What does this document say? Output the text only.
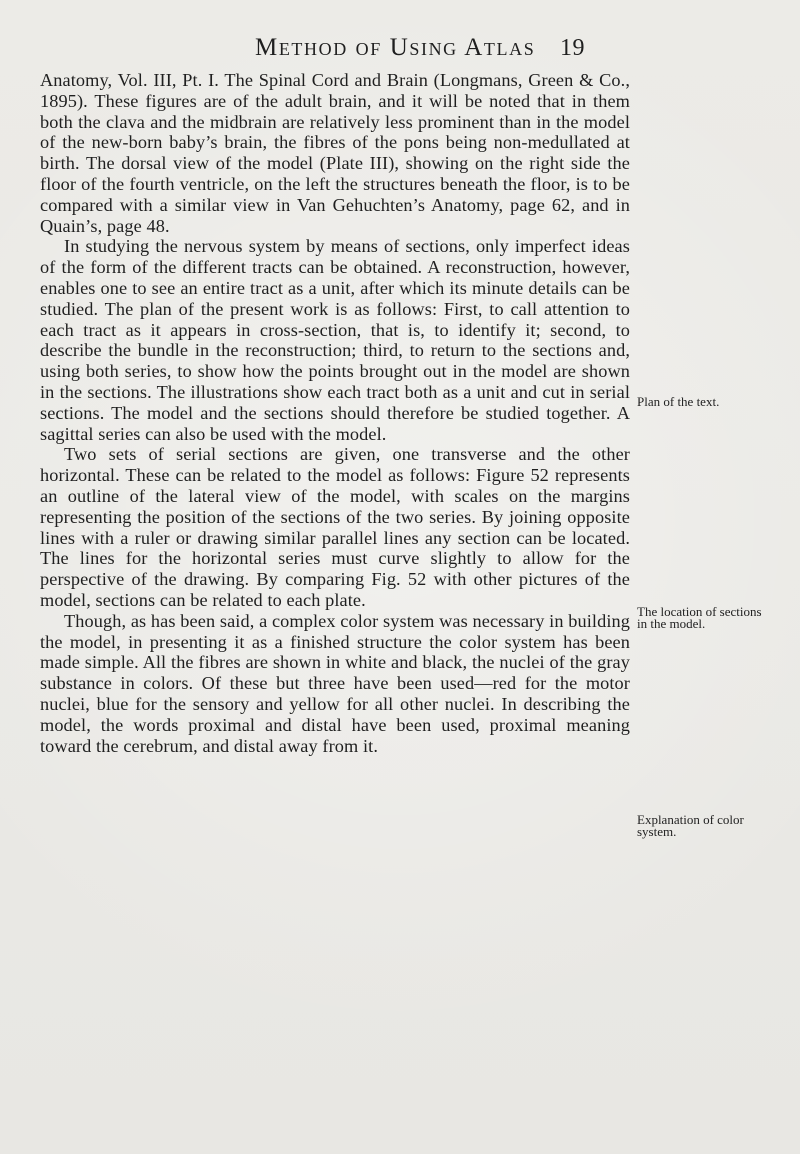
Method of Using Atlas 19

Anatomy, Vol. III, Pt. I. The Spinal Cord and Brain (Longmans, Green & Co., 1895). These figures are of the adult brain, and it will be noted that in them both the clava and the midbrain are relatively less prominent than in the model of the new-born baby’s brain, the fibres of the pons being non-medullated at birth. The dorsal view of the model (Plate III), showing on the right side the floor of the fourth ventricle, on the left the structures beneath the floor, is to be compared with a similar view in Van Gehuchten’s Anatomy, page 62, and in Quain’s, page 48.

In studying the nervous system by means of sections, only imperfect ideas of the form of the different tracts can be obtained. A reconstruction, however, enables one to see an entire tract as a unit, after which its minute details can be studied. The plan of the present work is as follows: First, to call attention to each tract as it appears in cross-section, that is, to identify it; second, to describe the bundle in the reconstruction; third, to return to the sections and, using both series, to show how the points brought out in the model are shown in the sections. The illustrations show each tract both as a unit and cut in serial sections. The model and the sections should therefore be studied together. A sagittal series can also be used with the model.

Two sets of serial sections are given, one transverse and the other horizontal. These can be related to the model as follows: Figure 52 represents an outline of the lateral view of the model, with scales on the margins representing the position of the sections of the two series. By joining opposite lines with a ruler or drawing similar parallel lines any section can be located. The lines for the horizontal series must curve slightly to allow for the perspective of the drawing. By comparing Fig. 52 with other pictures of the model, sections can be related to each plate.

Though, as has been said, a complex color system was necessary in building the model, in presenting it as a finished structure the color system has been made simple. All the fibres are shown in white and black, the nuclei of the gray substance in colors. Of these but three have been used—red for the motor nuclei, blue for the sensory and yellow for all other nuclei. In describing the model, the words proximal and distal have been used, proximal meaning toward the cerebrum, and distal away from it.

Plan of the text.
The location of sections in the model.
Explanation of color system.
